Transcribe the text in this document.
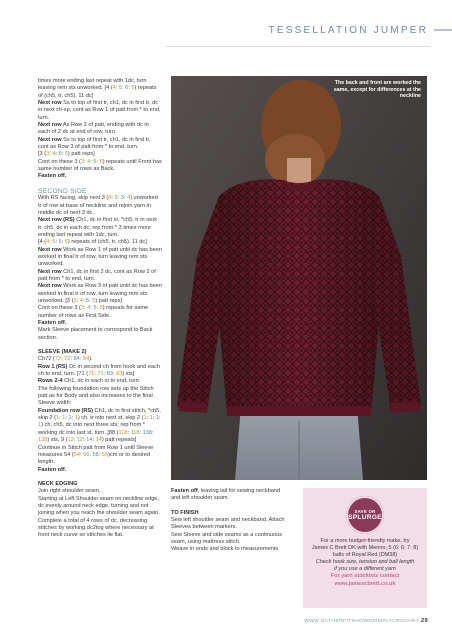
TESSELLATION JUMPER

times more ending last repeat with 1dc, turn leaving rem sts unworked. [4 (4: 5: 6: 6) repeats of (ch5, tr, ch5), 11 dc]

Next row Ss to top of first tr, ch1, dc in first tr, dc in next ch-sp, cont as Row 1 of patt from * to end, turn.

Next row As Row 2 of patt, ending with dc in each of 2 dc at end of row, turn.

Next row Ss to top of first tr, ch1, dc in first tr, cont as Row 3 of patt from * to end, turn.

[3 (3: 4: 5: 5) patt reps]

Cont on these 3 (3: 4: 5: 5) repeats until Front has same number of rows as Back.

Fasten off.

SECOND SIDE

With RS facing, skip next 3 (4: 3: 3: 4) unworked tr of row at base of neckline and rejoin yarn in middle dc of next 3 dc.

Next row (RS) Ch1, dc in first st, *ch5, tr in next tr, ch5, dc in each dc; rep from * 3 times more ending last repeat with 1dc, turn.

[4 (4: 5: 6: 6) repeats of (ch5, tr, ch5), 11 dc]

Next row Work as Row 1 of patt until dc has been worked in final tr of row, turn leaving rem sts unworked.

Next row Ch1, dc in first 2 dc, cont as Row 2 of patt from * to end, turn.

Next row Work as Row 3 of patt until dc has been worked in final tr of row, turn leaving rem sts unworked. [3 (3: 4: 5: 5) patt reps]

Cont on these 3 (3: 4: 5: 5) repeats for same number of rows as First Side.

Fasten off.

Mark Sleeve placement to correspond to Back section.

SLEEVE (MAKE 2)

Ch72 (72: 72: 84: 84).

Row 1 (RS) Dc in second ch from hook and each ch to end, turn. [71 (71: 71: 83: 83) sts]

Rows 2-4 Ch1, dc in each st to end, turn.

The following foundation row sets up the Stitch patt as for Body and also increases to the final Sleeve width:

Foundation row (RS) Ch1, dc in first stitch, *ch5, skip 2 (1: 1: 1: 1) ch, tr into next st, skip 2 (1: 1: 1: 1) ch, ch5, dc into next three sts; rep from * working dc into last st, turn. [88 (118: 118: 138: 138) sts, 9 (12: 12: 14: 14) patt repeats]

Continue in Stitch patt from Row 1 until Sleeve measures 54 (54: 56: 56: 56)cm or to desired length.

Fasten off.

NECK EDGING

Join right shoulder seam.

Starting at Left Shoulder seam on neckline edge, dc evenly around neck edge, turning and not joining when you reach the shoulder seam again. Complete a total of 4 rows of dc, decreasing stitches by working dc2tog where necessary at front neck curve so stitches lie flat.

The back and front are worked the same, except for differences at the neckline

Fasten off, leaving tail for sewing neckband and left shoulder seam.

TO FINISH

Sew left shoulder seam and neckband. Attach Sleeves between markers.

Sew Sleeve and side seams as a continuous seam, using mattress stitch.

Weave in ends and block to measurements

SAVE OR
SPLURGE
For a more budget-friendly make, try
James C Brett DK with Merino, 5 (6: 6: 7: 8)
balls of Royal Red (DM38)
Check hook size, tension and ball length
if you use a different yarn
For yarn stockists contact
www.jamescbrett.co.uk
WWW.GATHERFITSHOWNSIMPLYCROCHET 29
